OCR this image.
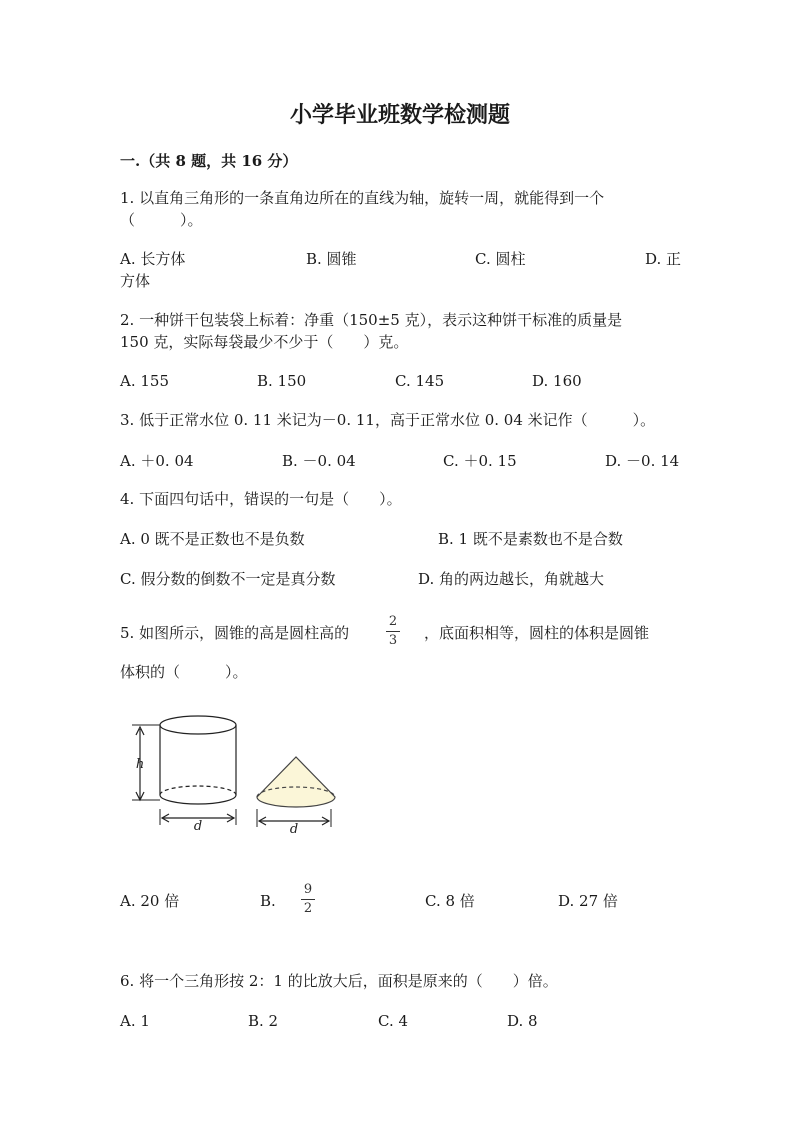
小学毕业班数学检测题
一.（共 8 题，共 16 分）
1. 以直角三角形的一条直角边所在的直线为轴，旋转一周，就能得到一个
（　　　）。
A. 长方体	B. 圆锥	C. 圆柱	D. 正
方体
2. 一种饼干包装袋上标着：净重（150±5 克），表示这种饼干标准的质量是
150 克，实际每袋最少不少于（　　）克。
A. 155	B. 150	C. 145	D. 160
3. 低于正常水位 0. 11 米记为－0. 11，高于正常水位 0. 04 米记作（　　　）。
A. ＋0. 04	B. －0. 04	C. ＋0. 15	D. －0. 14
4. 下面四句话中，错误的一句是（　　）。
A. 0 既不是正数也不是负数	B. 1 既不是素数也不是合数
C. 假分数的倒数不一定是真分数	D. 角的两边越长，角就越大
5. 如图所示，圆锥的高是圆柱高的
2
3	，底面积相等，圆柱的体积是圆锥
体积的（　　　）。
h
d	d
A. 20 倍	B.
9
2	C. 8 倍	D. 27 倍
6. 将一个三角形按 2：1 的比放大后，面积是原来的（　　）倍。
A. 1	B. 2	C. 4	D. 8
